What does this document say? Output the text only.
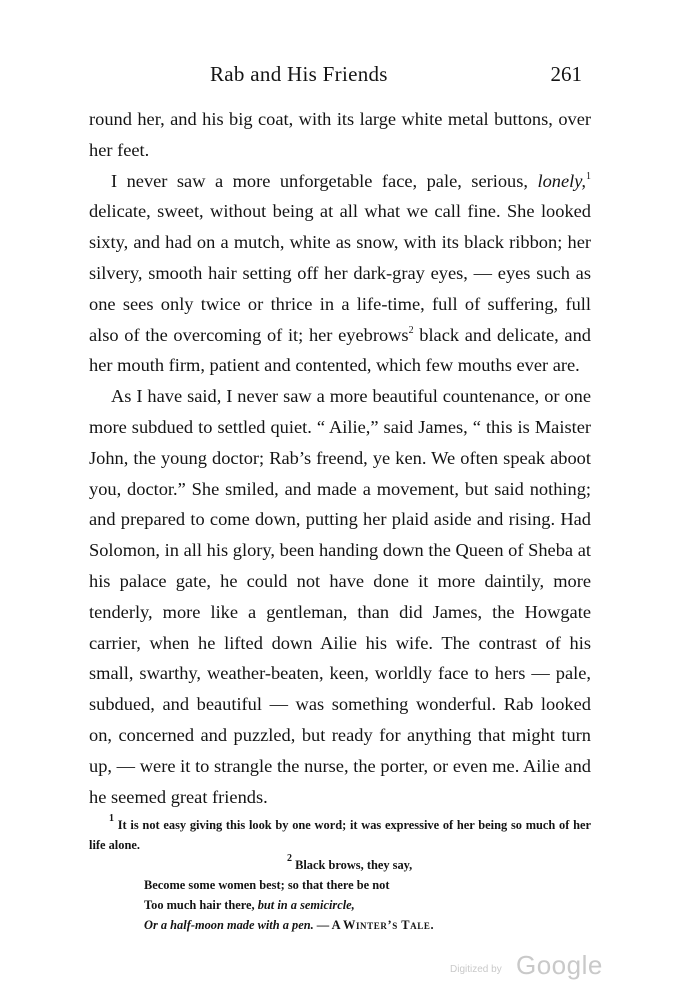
Rab and His Friends	261

round her, and his big coat, with its large white metal buttons, over her feet.

I never saw a more unforgetable face, pale, serious, lonely,$^1$ delicate, sweet, without being at all what we call fine. She looked sixty, and had on a mutch, white as snow, with its black ribbon; her silvery, smooth hair setting off her dark-gray eyes, — eyes such as one sees only twice or thrice in a life-time, full of suffering, full also of the overcoming of it; her eyebrows$^2$ black and delicate, and her mouth firm, patient and contented, which few mouths ever are.

As I have said, I never saw a more beautiful countenance, or one more subdued to settled quiet. “ Ailie,” said James, “ this is Maister John, the young doctor; Rab’s freend, ye ken. We often speak aboot you, doctor.” She smiled, and made a movement, but said nothing; and prepared to come down, putting her plaid aside and rising. Had Solomon, in all his glory, been handing down the Queen of Sheba at his palace gate, he could not have done it more daintily, more tenderly, more like a gentleman, than did James, the Howgate carrier, when he lifted down Ailie his wife. The contrast of his small, swarthy, weather-beaten, keen, worldly face to hers — pale, subdued, and beautiful — was something wonderful. Rab looked on, concerned and puzzled, but ready for anything that might turn up, — were it to strangle the nurse, the porter, or even me. Ailie and he seemed great friends.

$^1$ It is not easy giving this look by one word; it was expressive of her being so much of her life alone.

$^2$ Black brows, they say,

Become some women best; so that there be not
Too much hair there, but in a semicircle,
Or a half-moon made with a pen. — A Winter’s Tale.
Digitized by Google
